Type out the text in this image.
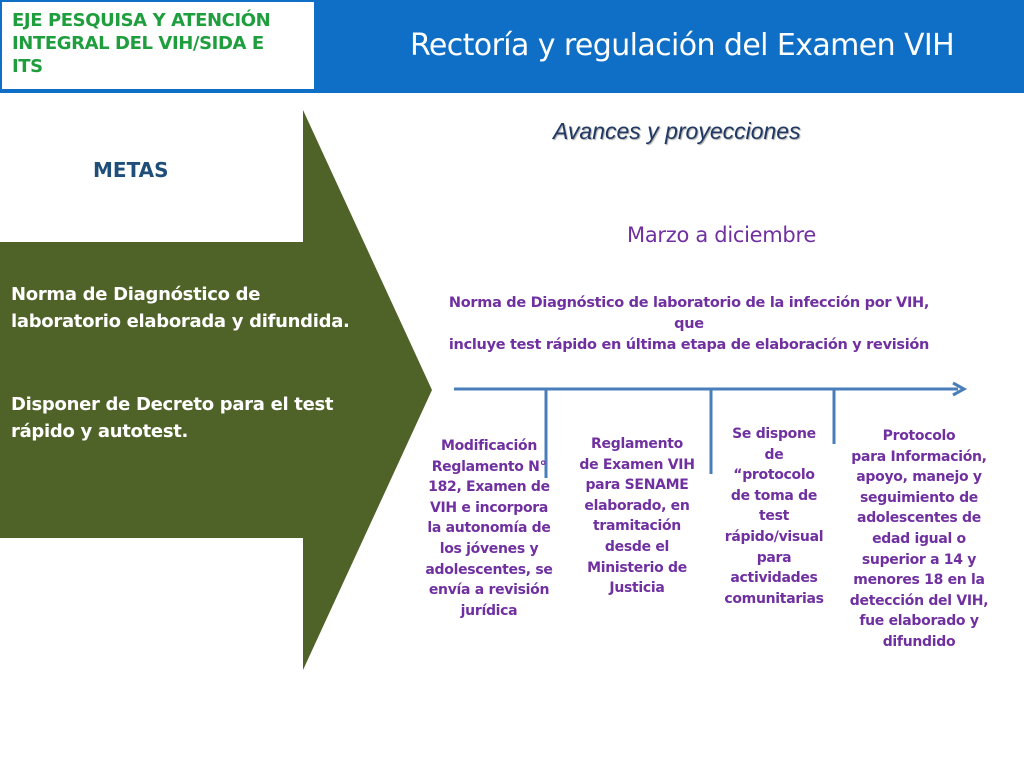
EJE PESQUISA Y ATENCIÓN
INTEGRAL DEL VIH/SIDA E
ITS
Rectoría y regulación del Examen VIH
METAS
Norma de Diagnóstico de
laboratorio elaborada y difundida.
Disponer de Decreto para el test
rápido y autotest.
Avances y proyecciones
Marzo a diciembre
Norma de Diagnóstico de laboratorio de la infección por VIH, que
incluye test rápido en última etapa de elaboración y revisión
Modificación
Reglamento N°
182, Examen de
VIH e incorpora
la autonomía de
los jóvenes y
adolescentes, se
envía a revisión
jurídica
Reglamento
de Examen VIH
para SENAME
elaborado, en
tramitación
desde el
Ministerio de
Justicia
Se dispone
de
“protocolo
de toma de
test
rápido/visual
para
actividades
comunitarias
Protocolo
para Información,
apoyo, manejo y
seguimiento de
adolescentes de
edad igual o
superior a 14 y
menores 18 en la
detección del VIH,
fue elaborado y
difundido
